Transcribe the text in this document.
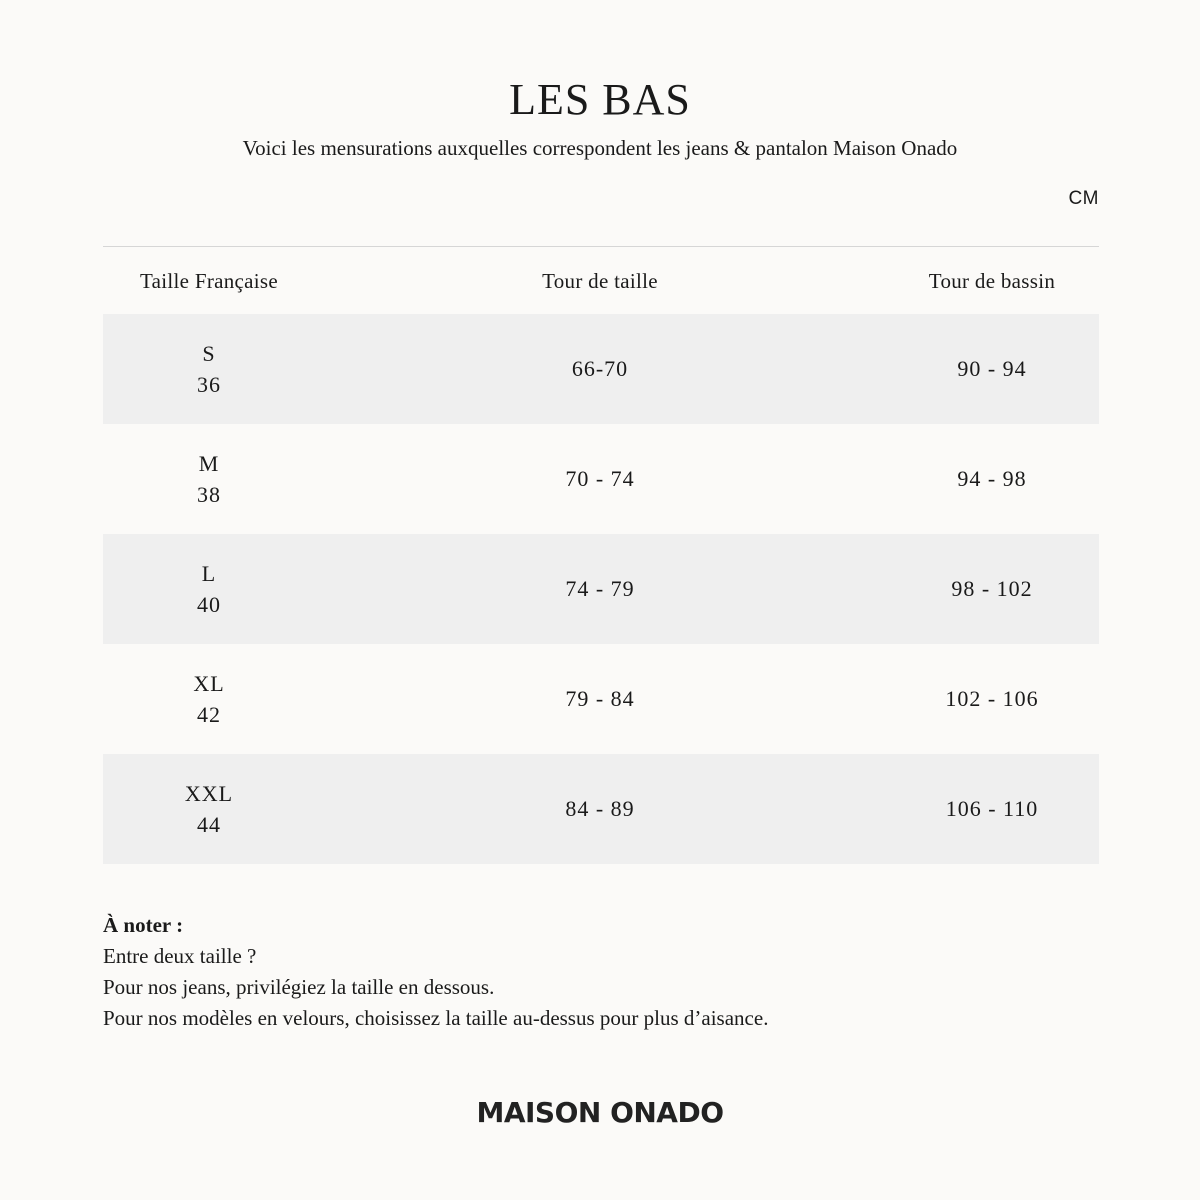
LES BAS

Voici les mensurations auxquelles correspondent les jeans & pantalon Maison Onado

CM
Taille Française	Tour de taille	Tour de bassin
S
36
66-70	90 - 94
M
38
70 - 74	94 - 98
L
40
74 - 79	98 - 102
XL
42
79 - 84	102 - 106
XXL
44
84 - 89	106 - 110
À noter :
Entre deux taille ?
Pour nos jeans, privilégiez la taille en dessous.
Pour nos modèles en velours, choisissez la taille au-dessus pour plus d’aisance.
MAISON ONADO
